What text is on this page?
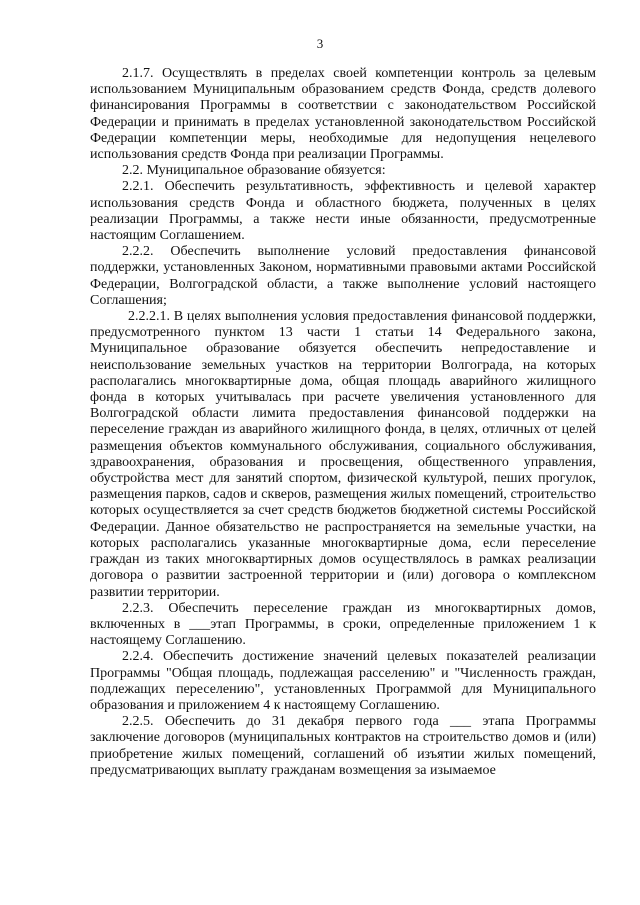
3

2.1.7. Осуществлять в пределах своей компетенции контроль за целевым использованием Муниципальным образованием средств Фонда, средств долевого финансирования Программы в соответствии с законодательством Российской Федерации и принимать в пределах установленной законодательством Российской Федерации компетенции меры, необходимые для недопущения нецелевого использования средств Фонда при реализации Программы.

2.2. Муниципальное образование обязуется:

2.2.1. Обеспечить результативность, эффективность и целевой характер использования средств Фонда и областного бюджета, полученных в целях реализации Программы, а также нести иные обязанности, предусмотренные настоящим Соглашением.

2.2.2. Обеспечить выполнение условий предоставления финансовой поддержки, установленных Законом, нормативными правовыми актами Российской Федерации, Волгоградской области, а также выполнение условий настоящего Соглашения;

2.2.2.1. В целях выполнения условия предоставления финансовой поддержки, предусмотренного пунктом 13 части 1 статьи 14 Федерального закона, Муниципальное образование обязуется обеспечить непредоставление и неиспользование земельных участков на территории Волгограда, на которых располагались многоквартирные дома, общая площадь аварийного жилищного фонда в которых учитывалась при расчете увеличения установленного для Волгоградской области лимита предоставления финансовой поддержки на переселение граждан из аварийного жилищного фонда, в целях, отличных от целей размещения объектов коммунального обслуживания, социального обслуживания, здравоохранения, образования и просвещения, общественного управления, обустройства мест для занятий спортом, физической культурой, пеших прогулок, размещения парков, садов и скверов, размещения жилых помещений, строительство которых осуществляется за счет средств бюджетов бюджетной системы Российской Федерации. Данное обязательство не распространяется на земельные участки, на которых располагались указанные многоквартирные дома, если переселение граждан из таких многоквартирных домов осуществлялось в рамках реализации договора о развитии застроенной территории и (или) договора о комплексном развитии территории.

2.2.3. Обеспечить переселение граждан из многоквартирных домов, включенных в ___этап Программы, в сроки, определенные приложением 1 к настоящему Соглашению.

2.2.4. Обеспечить достижение значений целевых показателей реализации Программы "Общая площадь, подлежащая расселению" и "Численность граждан, подлежащих переселению", установленных Программой для Муниципального образования и приложением 4 к настоящему Соглашению.

2.2.5. Обеспечить до 31 декабря первого года ___ этапа Программы заключение договоров (муниципальных контрактов на строительство домов и (или) приобретение жилых помещений, соглашений об изъятии жилых помещений, предусматривающих выплату гражданам возмещения за изымаемое
